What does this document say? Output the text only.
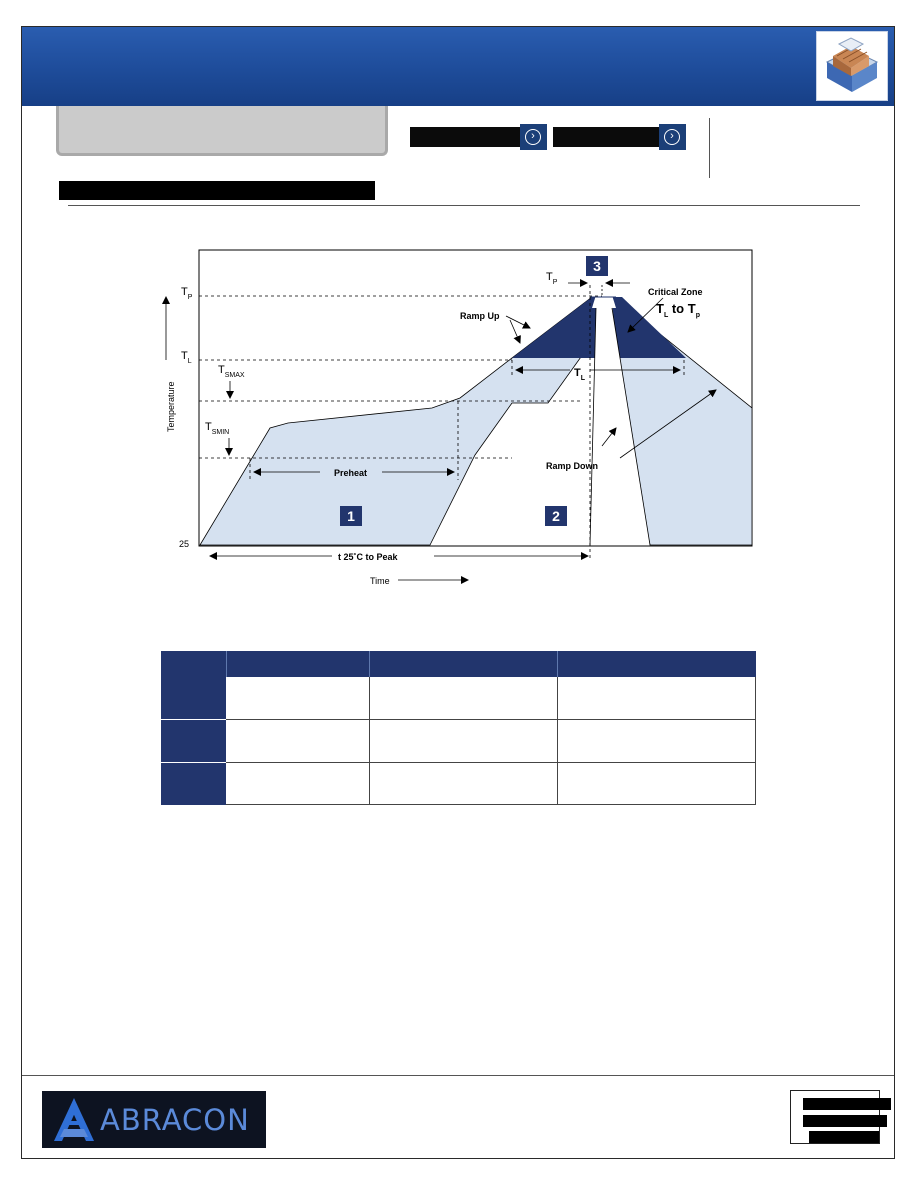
›	›
$T_P$
$T_L$
$T_{SMAX}$
$T_{SMIN}$
25
Temperature
Time
t 25˚C to Peak
Preheat
$T_L$
1	2
3
$T_P$
Critical Zone
$T_L$ to $T_p$
Ramp Up
Ramp Down
ABRACON
